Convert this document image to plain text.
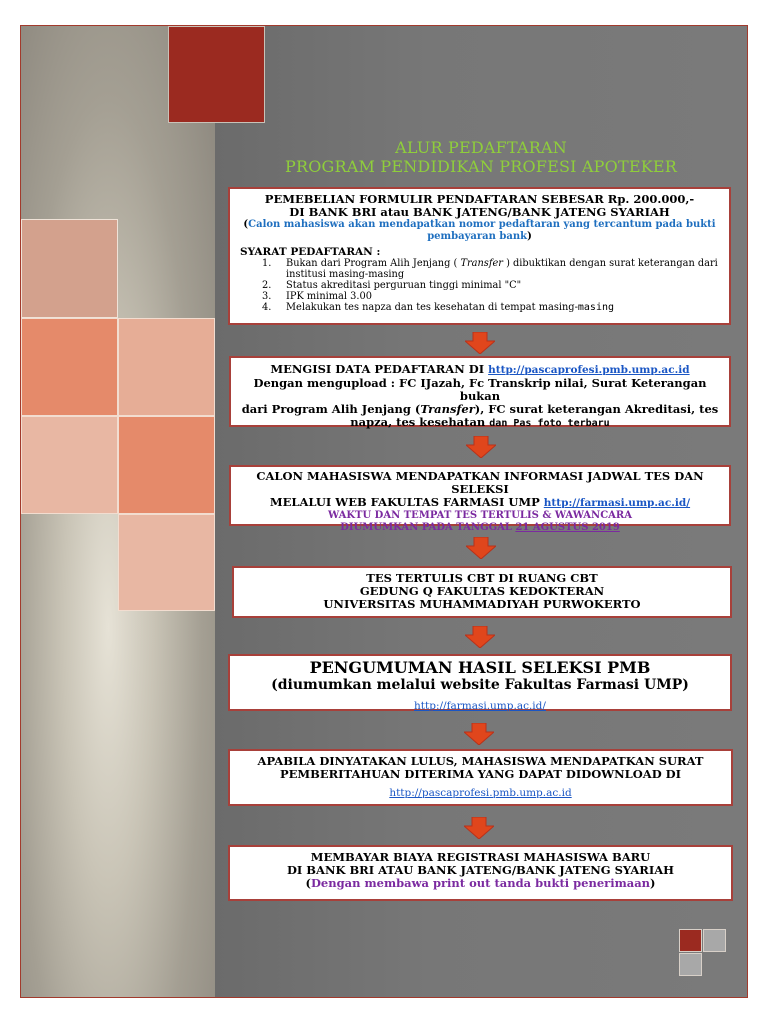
ALUR PEDAFTARAN
PROGRAM PENDIDIKAN PROFESI APOTEKER
PEMEBELIAN FORMULIR PENDAFTARAN SEBESAR Rp. 200.000,-
DI BANK BRI atau BANK JATENG/BANK JATENG SYARIAH
(Calon mahasiswa akan mendapatkan nomor pedaftaran yang tercantum pada bukti pembayaran bank)
SYARAT PEDAFTARAN :
1.	Bukan dari Program Alih Jenjang ( Transfer ) dibuktikan dengan surat keterangan dari institusi masing-masing
2.	Status akreditasi perguruan tinggi minimal "C"
3.	IPK minimal 3.00
4.	Melakukan tes napza dan tes kesehatan di tempat masing-masing
MENGISI DATA PEDAFTARAN DI http://pascaprofesi.pmb.ump.ac.id
Dengan mengupload : FC IJazah, Fc Transkrip nilai, Surat Keterangan bukan
dari Program Alih Jenjang (Transfer), FC surat keterangan Akreditasi, tes
napza, tes kesehatan dan Pas foto terbaru
CALON MAHASISWA MENDAPATKAN INFORMASI JADWAL TES DAN SELEKSI
MELALUI WEB FAKULTAS FARMASI UMP http://farmasi.ump.ac.id/
WAKTU DAN TEMPAT TES TERTULIS & WAWANCARA
DIUMUMKAN PADA TANGGAL 21 AGUSTUS 2019
TES TERTULIS CBT DI RUANG CBT
GEDUNG Q FAKULTAS KEDOKTERAN
UNIVERSITAS MUHAMMADIYAH PURWOKERTO
PENGUMUMAN HASIL SELEKSI PMB
(diumumkan melalui website Fakultas Farmasi UMP)
http://farmasi.ump.ac.id/
APABILA DINYATAKAN LULUS, MAHASISWA MENDAPATKAN SURAT
PEMBERITAHUAN DITERIMA YANG DAPAT DIDOWNLOAD DI
http://pascaprofesi.pmb.ump.ac.id
MEMBAYAR BIAYA REGISTRASI MAHASISWA BARU
DI BANK BRI ATAU BANK JATENG/BANK JATENG SYARIAH
(Dengan membawa print out tanda bukti penerimaan)
